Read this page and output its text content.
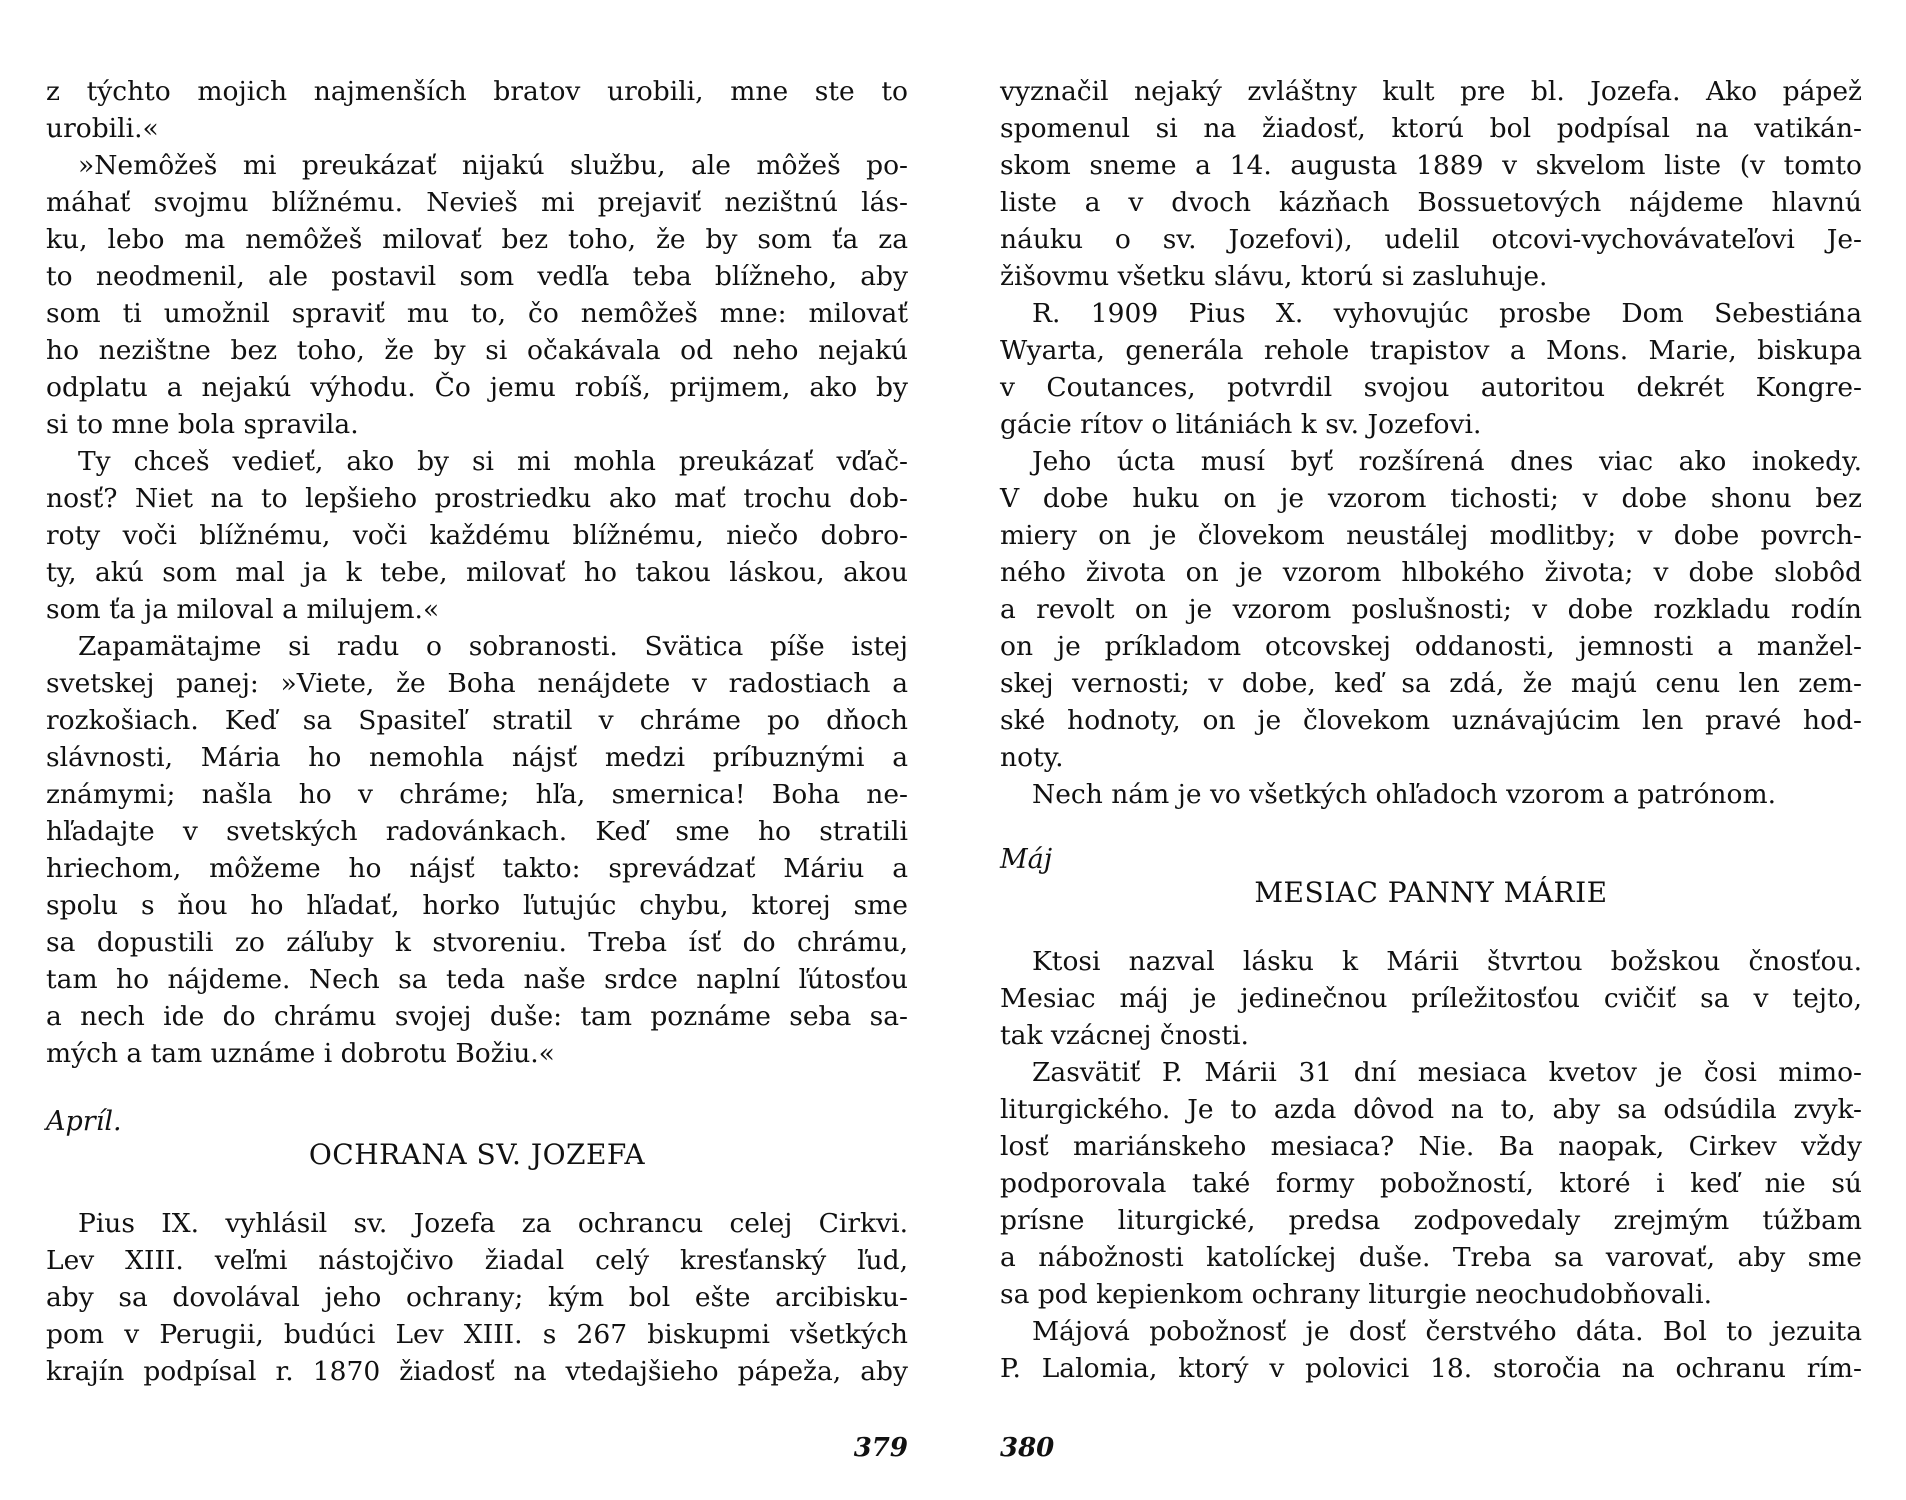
z týchto mojich najmenších bratov urobili, mne ste to
urobili.«
»Nemôžeš mi preukázať nijakú službu, ale môžeš po-
máhať svojmu blížnému. Nevieš mi prejaviť nezištnú lás-
ku, lebo ma nemôžeš milovať bez toho, že by som ťa za
to neodmenil, ale postavil som vedľa teba blížneho, aby
som ti umožnil spraviť mu to, čo nemôžeš mne: milovať
ho nezištne bez toho, že by si očakávala od neho nejakú
odplatu a nejakú výhodu. Čo jemu robíš, prijmem, ako by
si to mne bola spravila.
Ty chceš vedieť, ako by si mi mohla preukázať vďač-
nosť? Niet na to lepšieho prostriedku ako mať trochu dob-
roty voči blížnému, voči každému blížnému, niečo dobro-
ty, akú som mal ja k tebe, milovať ho takou láskou, akou
som ťa ja miloval a milujem.«
Zapamätajme si radu o sobranosti. Svätica píše istej
svetskej panej: »Viete, že Boha nenájdete v radostiach a
rozkošiach. Keď sa Spasiteľ stratil v chráme po dňoch
slávnosti, Mária ho nemohla nájsť medzi príbuznými a
známymi; našla ho v chráme; hľa, smernica! Boha ne-
hľadajte v svetských radovánkach. Keď sme ho stratili
hriechom, môžeme ho nájsť takto: sprevádzať Máriu a
spolu s ňou ho hľadať, horko ľutujúc chybu, ktorej sme
sa dopustili zo záľuby k stvoreniu. Treba ísť do chrámu,
tam ho nájdeme. Nech sa teda naše srdce naplní ľútosťou
a nech ide do chrámu svojej duše: tam poznáme seba sa-
mých a tam uznáme i dobrotu Božiu.«
Apríl.
OCHRANA SV. JOZEFA
Pius IX. vyhlásil sv. Jozefa za ochrancu celej Cirkvi.
Lev XIII. veľmi nástojčivo žiadal celý kresťanský ľud,
aby sa dovolával jeho ochrany; kým bol ešte arcibisku-
pom v Perugii, budúci Lev XIII. s 267 biskupmi všetkých
krajín podpísal r. 1870 žiadosť na vtedajšieho pápeža, aby
379
vyznačil nejaký zvláštny kult pre bl. Jozefa. Ako pápež
spomenul si na žiadosť, ktorú bol podpísal na vatikán-
skom sneme a 14. augusta 1889 v skvelom liste (v tomto
liste a v dvoch kázňach Bossuetových nájdeme hlavnú
náuku o sv. Jozefovi), udelil otcovi-vychovávateľovi Je-
žišovmu všetku slávu, ktorú si zasluhuje.
R. 1909 Pius X. vyhovujúc prosbe Dom Sebestiána
Wyarta, generála rehole trapistov a Mons. Marie, biskupa
v Coutances, potvrdil svojou autoritou dekrét Kongre-
gácie rítov o litániách k sv. Jozefovi.
Jeho úcta musí byť rozšírená dnes viac ako inokedy.
V dobe huku on je vzorom tichosti; v dobe shonu bez
miery on je človekom neustálej modlitby; v dobe povrch-
ného života on je vzorom hlbokého života; v dobe slobôd
a revolt on je vzorom poslušnosti; v dobe rozkladu rodín
on je príkladom otcovskej oddanosti, jemnosti a manžel-
skej vernosti; v dobe, keď sa zdá, že majú cenu len zem-
ské hodnoty, on je človekom uznávajúcim len pravé hod-
noty.
Nech nám je vo všetkých ohľadoch vzorom a patrónom.
Máj
MESIAC PANNY MÁRIE
Ktosi nazval lásku k Márii štvrtou božskou čnosťou.
Mesiac máj je jedinečnou príležitosťou cvičiť sa v tejto,
tak vzácnej čnosti.
Zasvätiť P. Márii 31 dní mesiaca kvetov je čosi mimo-
liturgického. Je to azda dôvod na to, aby sa odsúdila zvyk-
losť mariánskeho mesiaca? Nie. Ba naopak, Cirkev vždy
podporovala také formy pobožností, ktoré i keď nie sú
prísne liturgické, predsa zodpovedaly zrejmým túžbam
a nábožnosti katolíckej duše. Treba sa varovať, aby sme
sa pod kepienkom ochrany liturgie neochudobňovali.
Májová pobožnosť je dosť čerstvého dáta. Bol to jezuita
P. Lalomia, ktorý v polovici 18. storočia na ochranu rím-
380
